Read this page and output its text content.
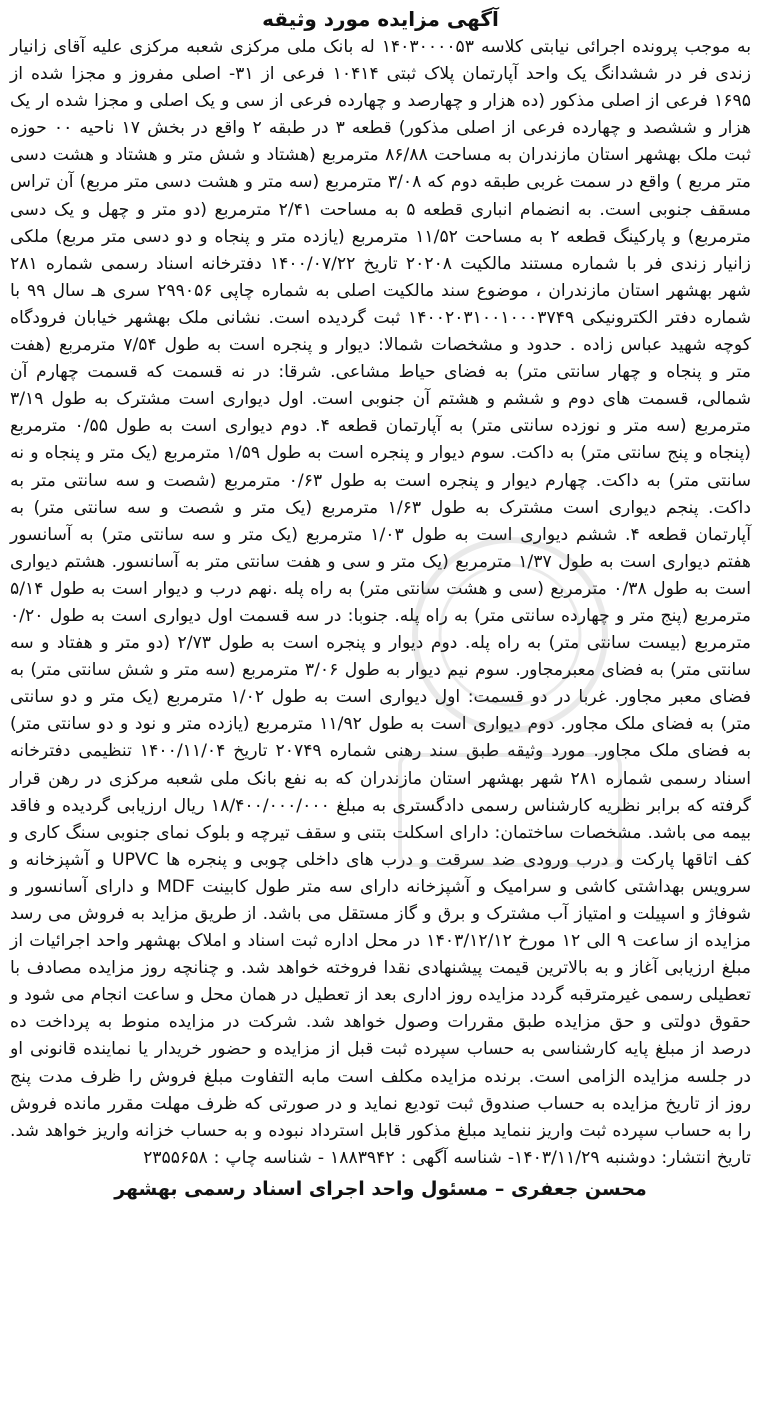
آگهی مزایده مورد وثیقه

به موجب پرونده اجرائی نیابتی کلاسه ۱۴۰۳۰۰۰۰۵۳ له بانک ملی مرکزی شعبه مرکزی علیه آقای زانیار زندی فر در ششدانگ یک واحد آپارتمان پلاک ثبتی ۱۰۴۱۴ فرعی از ۳۱- اصلی مفروز و مجزا شده از ۱۶۹۵ فرعی از اصلی مذکور (ده هزار و چهارصد و چهارده فرعی از سی و یک اصلی و مجزا شده ار یک هزار و ششصد و چهارده فرعی از اصلی مذکور) قطعه ۳ در طبقه ۲ واقع در بخش ۱۷ ناحیه ۰۰ حوزه ثبت ملک بهشهر استان مازندران به مساحت ۸۶/۸۸ مترمربع (هشتاد و شش متر و هشتاد و هشت دسی متر مربع ) واقع در سمت غربی طبقه دوم که ۳/۰۸ مترمربع (سه متر و هشت دسی متر مربع) آن تراس مسقف جنوبی است. به انضمام انباری قطعه ۵ به مساحت ۲/۴۱ مترمربع (دو متر و چهل و یک دسی مترمربع) و پارکینگ قطعه ۲ به مساحت ۱۱/۵۲ مترمربع (یازده متر و پنجاه و دو دسی متر مربع) ملکی زانیار زندی فر با شماره مستند مالکیت ۲۰۲۰۸ تاریخ ۱۴۰۰/۰۷/۲۲ دفترخانه اسناد رسمی شماره ۲۸۱ شهر بهشهر استان مازندران ، موضوع سند مالکیت اصلی به شماره چاپی ۲۹۹۰۵۶ سری هـ سال ۹۹ با شماره دفتر الکترونیکی ۱۴۰۰۲۰۳۱۰۰۱۰۰۰۳۷۴۹ ثبت گردیده است. نشانی ملک بهشهر خیابان فرودگاه کوچه شهید عباس زاده . حدود و مشخصات شمالا: دیوار و پنجره است به طول ۷/۵۴ مترمربع (هفت متر و پنجاه و چهار سانتی متر) به فضای حیاط مشاعی. شرقا: در نه قسمت که قسمت چهارم آن شمالی، قسمت های دوم و ششم و هشتم آن جنوبی است. اول دیواری است مشترک به طول ۳/۱۹ مترمربع (سه متر و نوزده سانتی متر) به آپارتمان قطعه ۴. دوم دیواری است به طول ۰/۵۵ مترمربع (پنجاه و پنج سانتی متر) به داکت. سوم دیوار و پنجره است به طول ۱/۵۹ مترمربع (یک متر و پنجاه و نه سانتی متر) به داکت. چهارم دیوار و پنجره است به طول ۰/۶۳ مترمربع (شصت و سه سانتی متر به داکت. پنجم دیواری است مشترک به طول ۱/۶۳ مترمربع (یک متر و شصت و سه سانتی متر) به آپارتمان قطعه ۴. ششم دیواری است به طول ۱/۰۳ مترمربع (یک متر و سه سانتی متر) به آسانسور هفتم دیواری است به طول ۱/۳۷ مترمربع (یک متر و سی و هفت سانتی متر به آسانسور. هشتم دیواری است به طول ۰/۳۸ مترمربع (سی و هشت سانتی متر) به راه پله .نهم درب و دیوار است به طول ۵/۱۴ مترمربع (پنج متر و چهارده سانتی متر) به راه پله. جنوبا: در سه قسمت اول دیواری است به طول ۰/۲۰ مترمربع (بیست سانتی متر) به راه پله. دوم دیوار و پنجره است به طول ۲/۷۳ (دو متر و هفتاد و سه سانتی متر) به فضای معبرمجاور. سوم نیم دیوار به طول ۳/۰۶ مترمربع (سه متر و شش سانتی متر) به فضای معبر مجاور. غربا در دو قسمت: اول دیواری است به طول ۱/۰۲ مترمربع (یک متر و دو سانتی متر) به فضای ملک مجاور. دوم دیواری است به طول ۱۱/۹۲ مترمربع (یازده متر و نود و دو سانتی متر) به فضای ملک مجاور. مورد وثیقه طبق سند رهنی شماره ۲۰۷۴۹ تاریخ ۱۴۰۰/۱۱/۰۴ تنظیمی دفترخانه اسناد رسمی شماره ۲۸۱ شهر بهشهر استان مازندران که به نفع بانک ملی شعبه مرکزی در رهن قرار گرفته که برابر نظریه کارشناس رسمی دادگستری به مبلغ ۱۸/۴۰۰/۰۰۰/۰۰۰ ریال ارزیابی گردیده و فاقد بیمه می باشد. مشخصات ساختمان: دارای اسکلت بتنی و سقف تیرچه و بلوک نمای جنوبی سنگ کاری و کف اتاقها پارکت و درب ورودی ضد سرقت و درب های داخلی چوبی و پنجره ها UPVC و آشپزخانه و سرویس بهداشتی کاشی و سرامیک و آشپزخانه دارای سه متر طول کابینت MDF و دارای آسانسور و شوفاژ و اسپیلت و امتیاز آب مشترک و برق و گاز مستقل می باشد. از طریق مزاید به فروش می رسد مزایده از ساعت ۹ الی ۱۲ مورخ ۱۴۰۳/۱۲/۱۲ در محل اداره ثبت اسناد و املاک بهشهر واحد اجرائیات از مبلغ ارزیابی آغاز و به بالاترین قیمت پیشنهادی نقدا فروخته خواهد شد. و چنانچه روز مزایده مصادف با تعطیلی رسمی غیرمترقبه گردد مزایده روز اداری بعد از تعطیل در همان محل و ساعت انجام می شود و حقوق دولتی و حق مزایده طبق مقررات وصول خواهد شد. شرکت در مزایده منوط به پرداخت ده درصد از مبلغ پایه کارشناسی به حساب سپرده ثبت قبل از مزایده و حضور خریدار یا نماینده قانونی او در جلسه مزایده الزامی است. برنده مزایده مکلف است مابه التفاوت مبلغ فروش را ظرف مدت پنج روز از تاریخ مزایده به حساب صندوق ثبت تودیع نماید و در صورتی که ظرف مهلت مقرر مانده فروش را به حساب سپرده ثبت واریز ننماید مبلغ مذکور قابل استرداد نبوده و به حساب خزانه واریز خواهد شد. تاریخ انتشار: دوشنبه ۱۴۰۳/۱۱/۲۹- شناسه آگهی : ۱۸۸۳۹۴۲ - شناسه چاپ : ۲۳۵۵۶۵۸

محسن جعفری – مسئول واحد اجرای اسناد رسمی بهشهر
